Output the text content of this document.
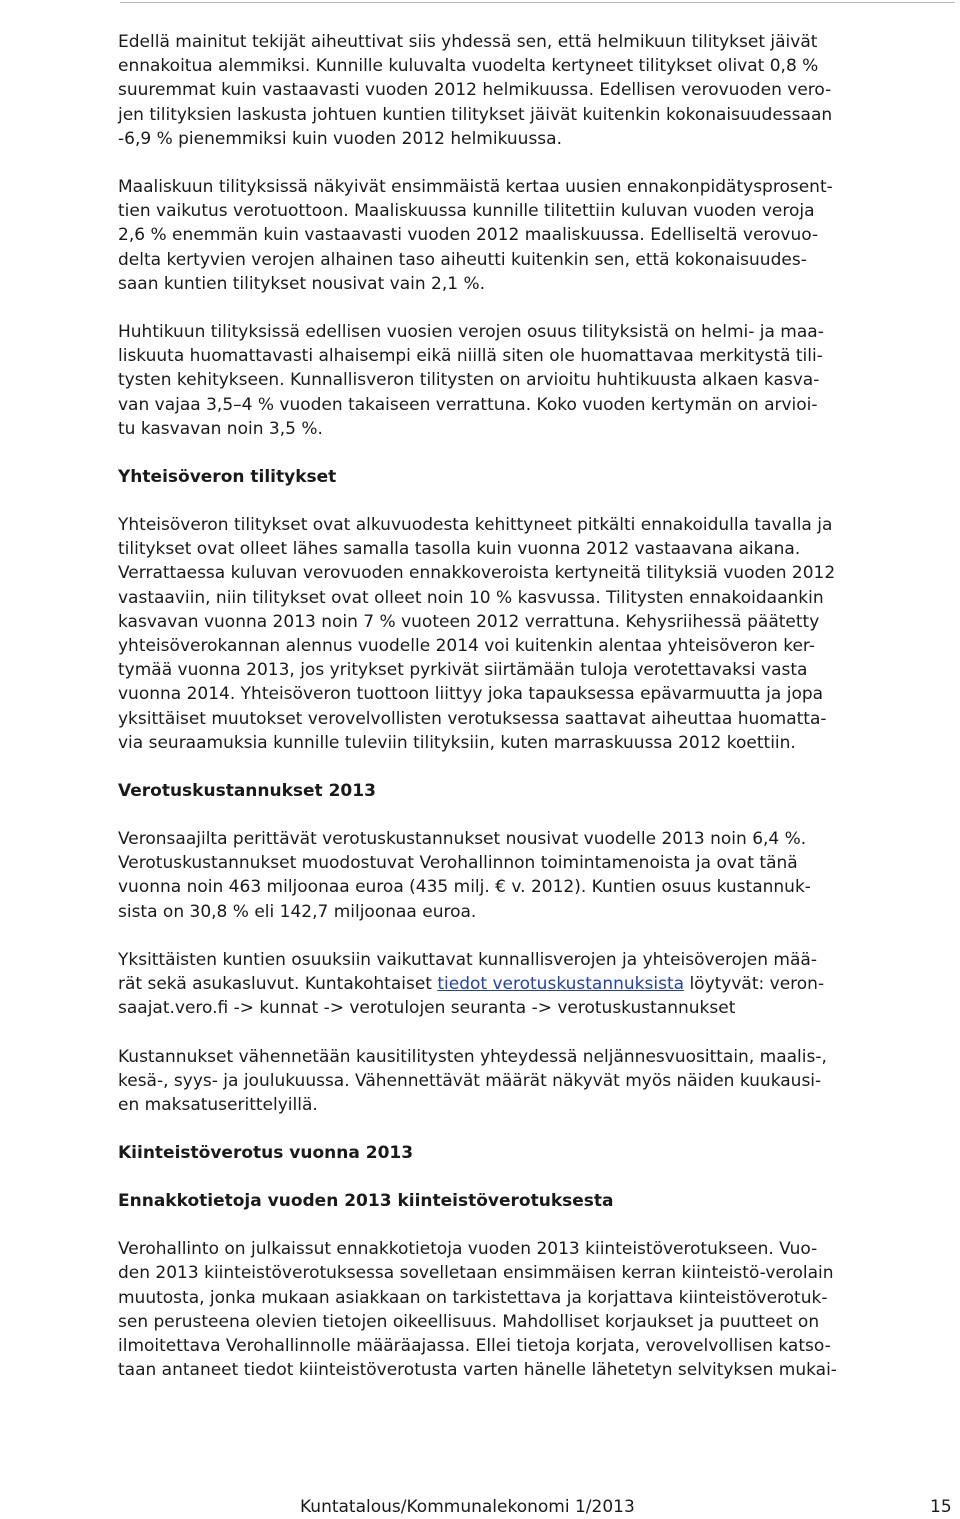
Edellä mainitut tekijät aiheuttivat siis yhdessä sen, että helmikuun tilitykset jäivät
ennakoitua alemmiksi. Kunnille kuluvalta vuodelta kertyneet tilitykset olivat 0,8 %
suuremmat kuin vastaavasti vuoden 2012 helmikuussa. Edellisen verovuoden vero-
jen tilityksien laskusta johtuen kuntien tilitykset jäivät kuitenkin kokonaisuudessaan
-6,9 % pienemmiksi kuin vuoden 2012 helmikuussa.

Maaliskuun tilityksissä näkyivät ensimmäistä kertaa uusien ennakonpidätysprosent-
tien vaikutus verotuottoon. Maaliskuussa kunnille tilitettiin kuluvan vuoden veroja
2,6 % enemmän kuin vastaavasti vuoden 2012 maaliskuussa. Edelliseltä verovuo-
delta kertyvien verojen alhainen taso aiheutti kuitenkin sen, että kokonaisuudes-
saan kuntien tilitykset nousivat vain 2,1 %.

Huhtikuun tilityksissä edellisen vuosien verojen osuus tilityksistä on helmi- ja maa-
liskuuta huomattavasti alhaisempi eikä niillä siten ole huomattavaa merkitystä tili-
tysten kehitykseen. Kunnallisveron tilitysten on arvioitu huhtikuusta alkaen kasva-
van vajaa 3,5–4 % vuoden takaiseen verrattuna. Koko vuoden kertymän on arvioi-
tu kasvavan noin 3,5 %.

Yhteisöveron tilitykset

Yhteisöveron tilitykset ovat alkuvuodesta kehittyneet pitkälti ennakoidulla tavalla ja
tilitykset ovat olleet lähes samalla tasolla kuin vuonna 2012 vastaavana aikana.
Verrattaessa kuluvan verovuoden ennakkoveroista kertyneitä tilityksiä vuoden 2012
vastaaviin, niin tilitykset ovat olleet noin 10 % kasvussa. Tilitysten ennakoidaankin
kasvavan vuonna 2013 noin 7 % vuoteen 2012 verrattuna. Kehysriihessä päätetty
yhteisöverokannan alennus vuodelle 2014 voi kuitenkin alentaa yhteisöveron ker-
tymää vuonna 2013, jos yritykset pyrkivät siirtämään tuloja verotettavaksi vasta
vuonna 2014. Yhteisöveron tuottoon liittyy joka tapauksessa epävarmuutta ja jopa
yksittäiset muutokset verovelvollisten verotuksessa saattavat aiheuttaa huomatta-
via seuraamuksia kunnille tuleviin tilityksiin, kuten marraskuussa 2012 koettiin.

Verotuskustannukset 2013

Veronsaajilta perittävät verotuskustannukset nousivat vuodelle 2013 noin 6,4 %.
Verotuskustannukset muodostuvat Verohallinnon toimintamenoista ja ovat tänä
vuonna noin 463 miljoonaa euroa (435 milj. € v. 2012). Kuntien osuus kustannuk-
sista on 30,8 % eli 142,7 miljoonaa euroa.

Yksittäisten kuntien osuuksiin vaikuttavat kunnallisverojen ja yhteisöverojen mää-
rät sekä asukasluvut. Kuntakohtaiset tiedot verotuskustannuksista löytyvät: veron-
saajat.vero.fi -> kunnat -> verotulojen seuranta -> verotuskustannukset

Kustannukset vähennetään kausitilitysten yhteydessä neljännesvuosittain, maalis-,
kesä-, syys- ja joulukuussa. Vähennettävät määrät näkyvät myös näiden kuukausi-
en maksatuserittelyillä.

Kiinteistöverotus vuonna 2013
Ennakkotietoja vuoden 2013 kiinteistöverotuksesta

Verohallinto on julkaissut ennakkotietoja vuoden 2013 kiinteistöverotukseen. Vuo-
den 2013 kiinteistöverotuksessa sovelletaan ensimmäisen kerran kiinteistö-verolain
muutosta, jonka mukaan asiakkaan on tarkistettava ja korjattava kiinteistöverotuk-
sen perusteena olevien tietojen oikeellisuus. Mahdolliset korjaukset ja puutteet on
ilmoitettava Verohallinnolle määräajassa. Ellei tietoja korjata, verovelvollisen katso-
taan antaneet tiedot kiinteistöverotusta varten hänelle lähetetyn selvityksen mukai-

Kuntatalous/Kommunalekonomi 1/2013	15
